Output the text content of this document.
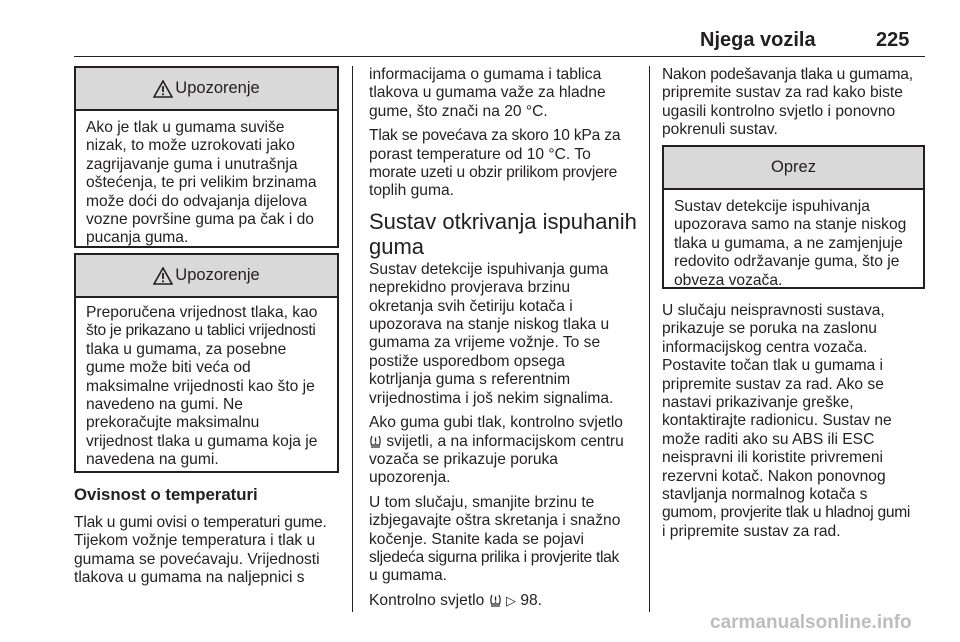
Njega vozila	225
Upozorenje
Ako je tlak u gumama suviše
nizak, to može uzrokovati jako
zagrijavanje guma i unutrašnja
oštećenja, te pri velikim brzinama
može doći do odvajanja dijelova
vozne površine guma pa čak i do
pucanja guma.
Upozorenje
Preporučena vrijednost tlaka, kao
što je prikazano u tablici vrijednosti
tlaka u gumama, za posebne
gume može biti veća od
maksimalne vrijednosti kao što je
navedeno na gumi. Ne
prekoračujte maksimalnu
vrijednost tlaka u gumama koja je
navedena na gumi.
Ovisnost o temperaturi
Tlak u gumi ovisi o temperaturi gume.
Tijekom vožnje temperatura i tlak u
gumama se povećavaju. Vrijednosti
tlakova u gumama na naljepnici s

informacijama o gumama i tablica
tlakova u gumama važe za hladne
gume, što znači na 20 °C.

Tlak se povećava za skoro 10 kPa za
porast temperature od 10 °C. To
morate uzeti u obzir prilikom provjere
toplih guma.

Sustav otkrivanja ispuhanih
guma

Sustav detekcije ispuhivanja guma
neprekidno provjerava brzinu
okretanja svih četiriju kotača i
upozorava na stanje niskog tlaka u
gumama za vrijeme vožnje. To se
postiže usporedbom opsega
kotrljanja guma s referentnim
vrijednostima i još nekim signalima.

Ako guma gubi tlak, kontrolno svjetlo
svijetli, a na informacijskom centru
vozača se prikazuje poruka
upozorenja.

U tom slučaju, smanjite brzinu te
izbjegavajte oštra skretanja i snažno
kočenje. Stanite kada se pojavi
sljedeća sigurna prilika i provjerite tlak
u gumama.

Kontrolno svjetlo  ▷ 98.

Nakon podešavanja tlaka u gumama,
pripremite sustav za rad kako biste
ugasili kontrolno svjetlo i ponovno
pokrenuli sustav.
Oprez
Sustav detekcije ispuhivanja
upozorava samo na stanje niskog
tlaka u gumama, a ne zamjenjuje
redovito održavanje guma, što je
obveza vozača.
U slučaju neispravnosti sustava,
prikazuje se poruka na zaslonu
informacijskog centra vozača.
Postavite točan tlak u gumama i
pripremite sustav za rad. Ako se
nastavi prikazivanje greške,
kontaktirajte radionicu. Sustav ne
može raditi ako su ABS ili ESC
neispravni ili koristite privremeni
rezervni kotač. Nakon ponovnog
stavljanja normalnog kotača s
gumom, provjerite tlak u hladnoj gumi
i pripremite sustav za rad.
carmanualsonline.info
